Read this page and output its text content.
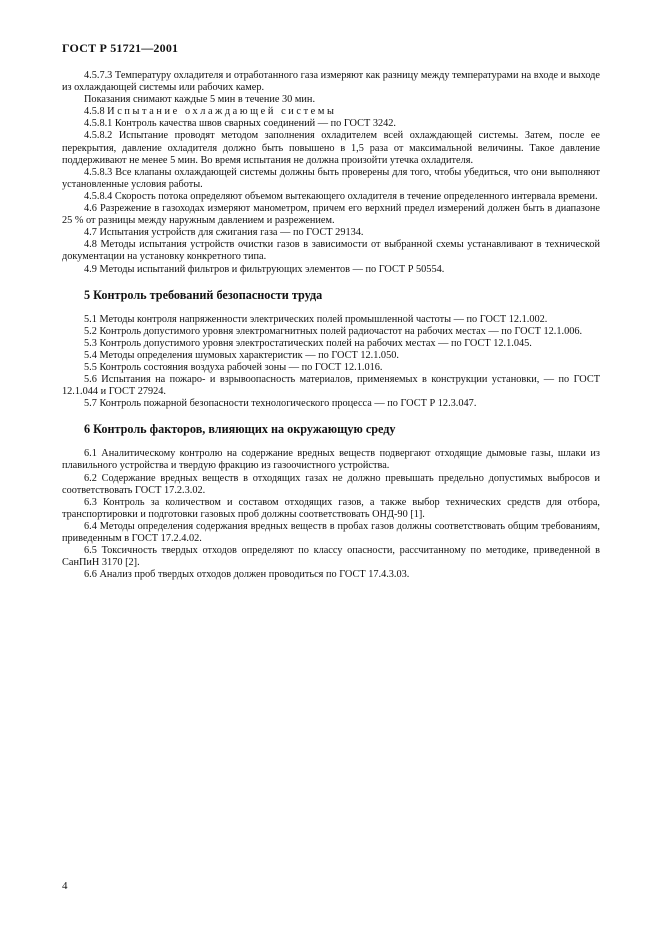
ГОСТ Р 51721—2001

4.5.7.3 Температуру охладителя и отработанного газа измеряют как разницу между температурами на входе и выходе из охлаждающей системы или рабочих камер.

Показания снимают каждые 5 мин в течение 30 мин.

4.5.8 Испытание охлаждающей системы

4.5.8.1 Контроль качества швов сварных соединений — по ГОСТ 3242.

4.5.8.2 Испытание проводят методом заполнения охладителем всей охлаждающей системы. Затем, после ее перекрытия, давление охладителя должно быть повышено в 1,5 раза от максимальной величины. Такое давление поддерживают не менее 5 мин. Во время испытания не должна произойти утечка охладителя.

4.5.8.3 Все клапаны охлаждающей системы должны быть проверены для того, чтобы убедиться, что они выполняют установленные условия работы.

4.5.8.4 Скорость потока определяют объемом вытекающего охладителя в течение определенного интервала времени.

4.6 Разрежение в газоходах измеряют манометром, причем его верхний предел измерений должен быть в диапазоне 25 % от разницы между наружным давлением и разрежением.

4.7 Испытания устройств для сжигания газа — по ГОСТ 29134.

4.8 Методы испытания устройств очистки газов в зависимости от выбранной схемы устанавливают в технической документации на установку конкретного типа.

4.9 Методы испытаний фильтров и фильтрующих элементов — по ГОСТ Р 50554.

5 Контроль требований безопасности труда

5.1 Методы контроля напряженности электрических полей промышленной частоты — по ГОСТ 12.1.002.

5.2 Контроль допустимого уровня электромагнитных полей радиочастот на рабочих местах — по ГОСТ 12.1.006.

5.3 Контроль допустимого уровня электростатических полей на рабочих местах — по ГОСТ 12.1.045.

5.4 Методы определения шумовых характеристик — по ГОСТ 12.1.050.

5.5 Контроль состояния воздуха рабочей зоны — по ГОСТ 12.1.016.

5.6 Испытания на пожаро- и взрывоопасность материалов, применяемых в конструкции установки, — по ГОСТ 12.1.044 и ГОСТ 27924.

5.7 Контроль пожарной безопасности технологического процесса — по ГОСТ Р 12.3.047.

6 Контроль факторов, влияющих на окружающую среду

6.1 Аналитическому контролю на содержание вредных веществ подвергают отходящие дымовые газы, шлаки из плавильного устройства и твердую фракцию из газоочистного устройства.

6.2 Содержание вредных веществ в отходящих газах не должно превышать предельно допустимых выбросов и соответствовать ГОСТ 17.2.3.02.

6.3 Контроль за количеством и составом отходящих газов, а также выбор технических средств для отбора, транспортировки и подготовки газовых проб должны соответствовать ОНД-90 [1].

6.4 Методы определения содержания вредных веществ в пробах газов должны соответствовать общим требованиям, приведенным в ГОСТ 17.2.4.02.

6.5 Токсичность твердых отходов определяют по классу опасности, рассчитанному по методике, приведенной в СанПиН 3170 [2].

6.6 Анализ проб твердых отходов должен проводиться по ГОСТ 17.4.3.03.

4
